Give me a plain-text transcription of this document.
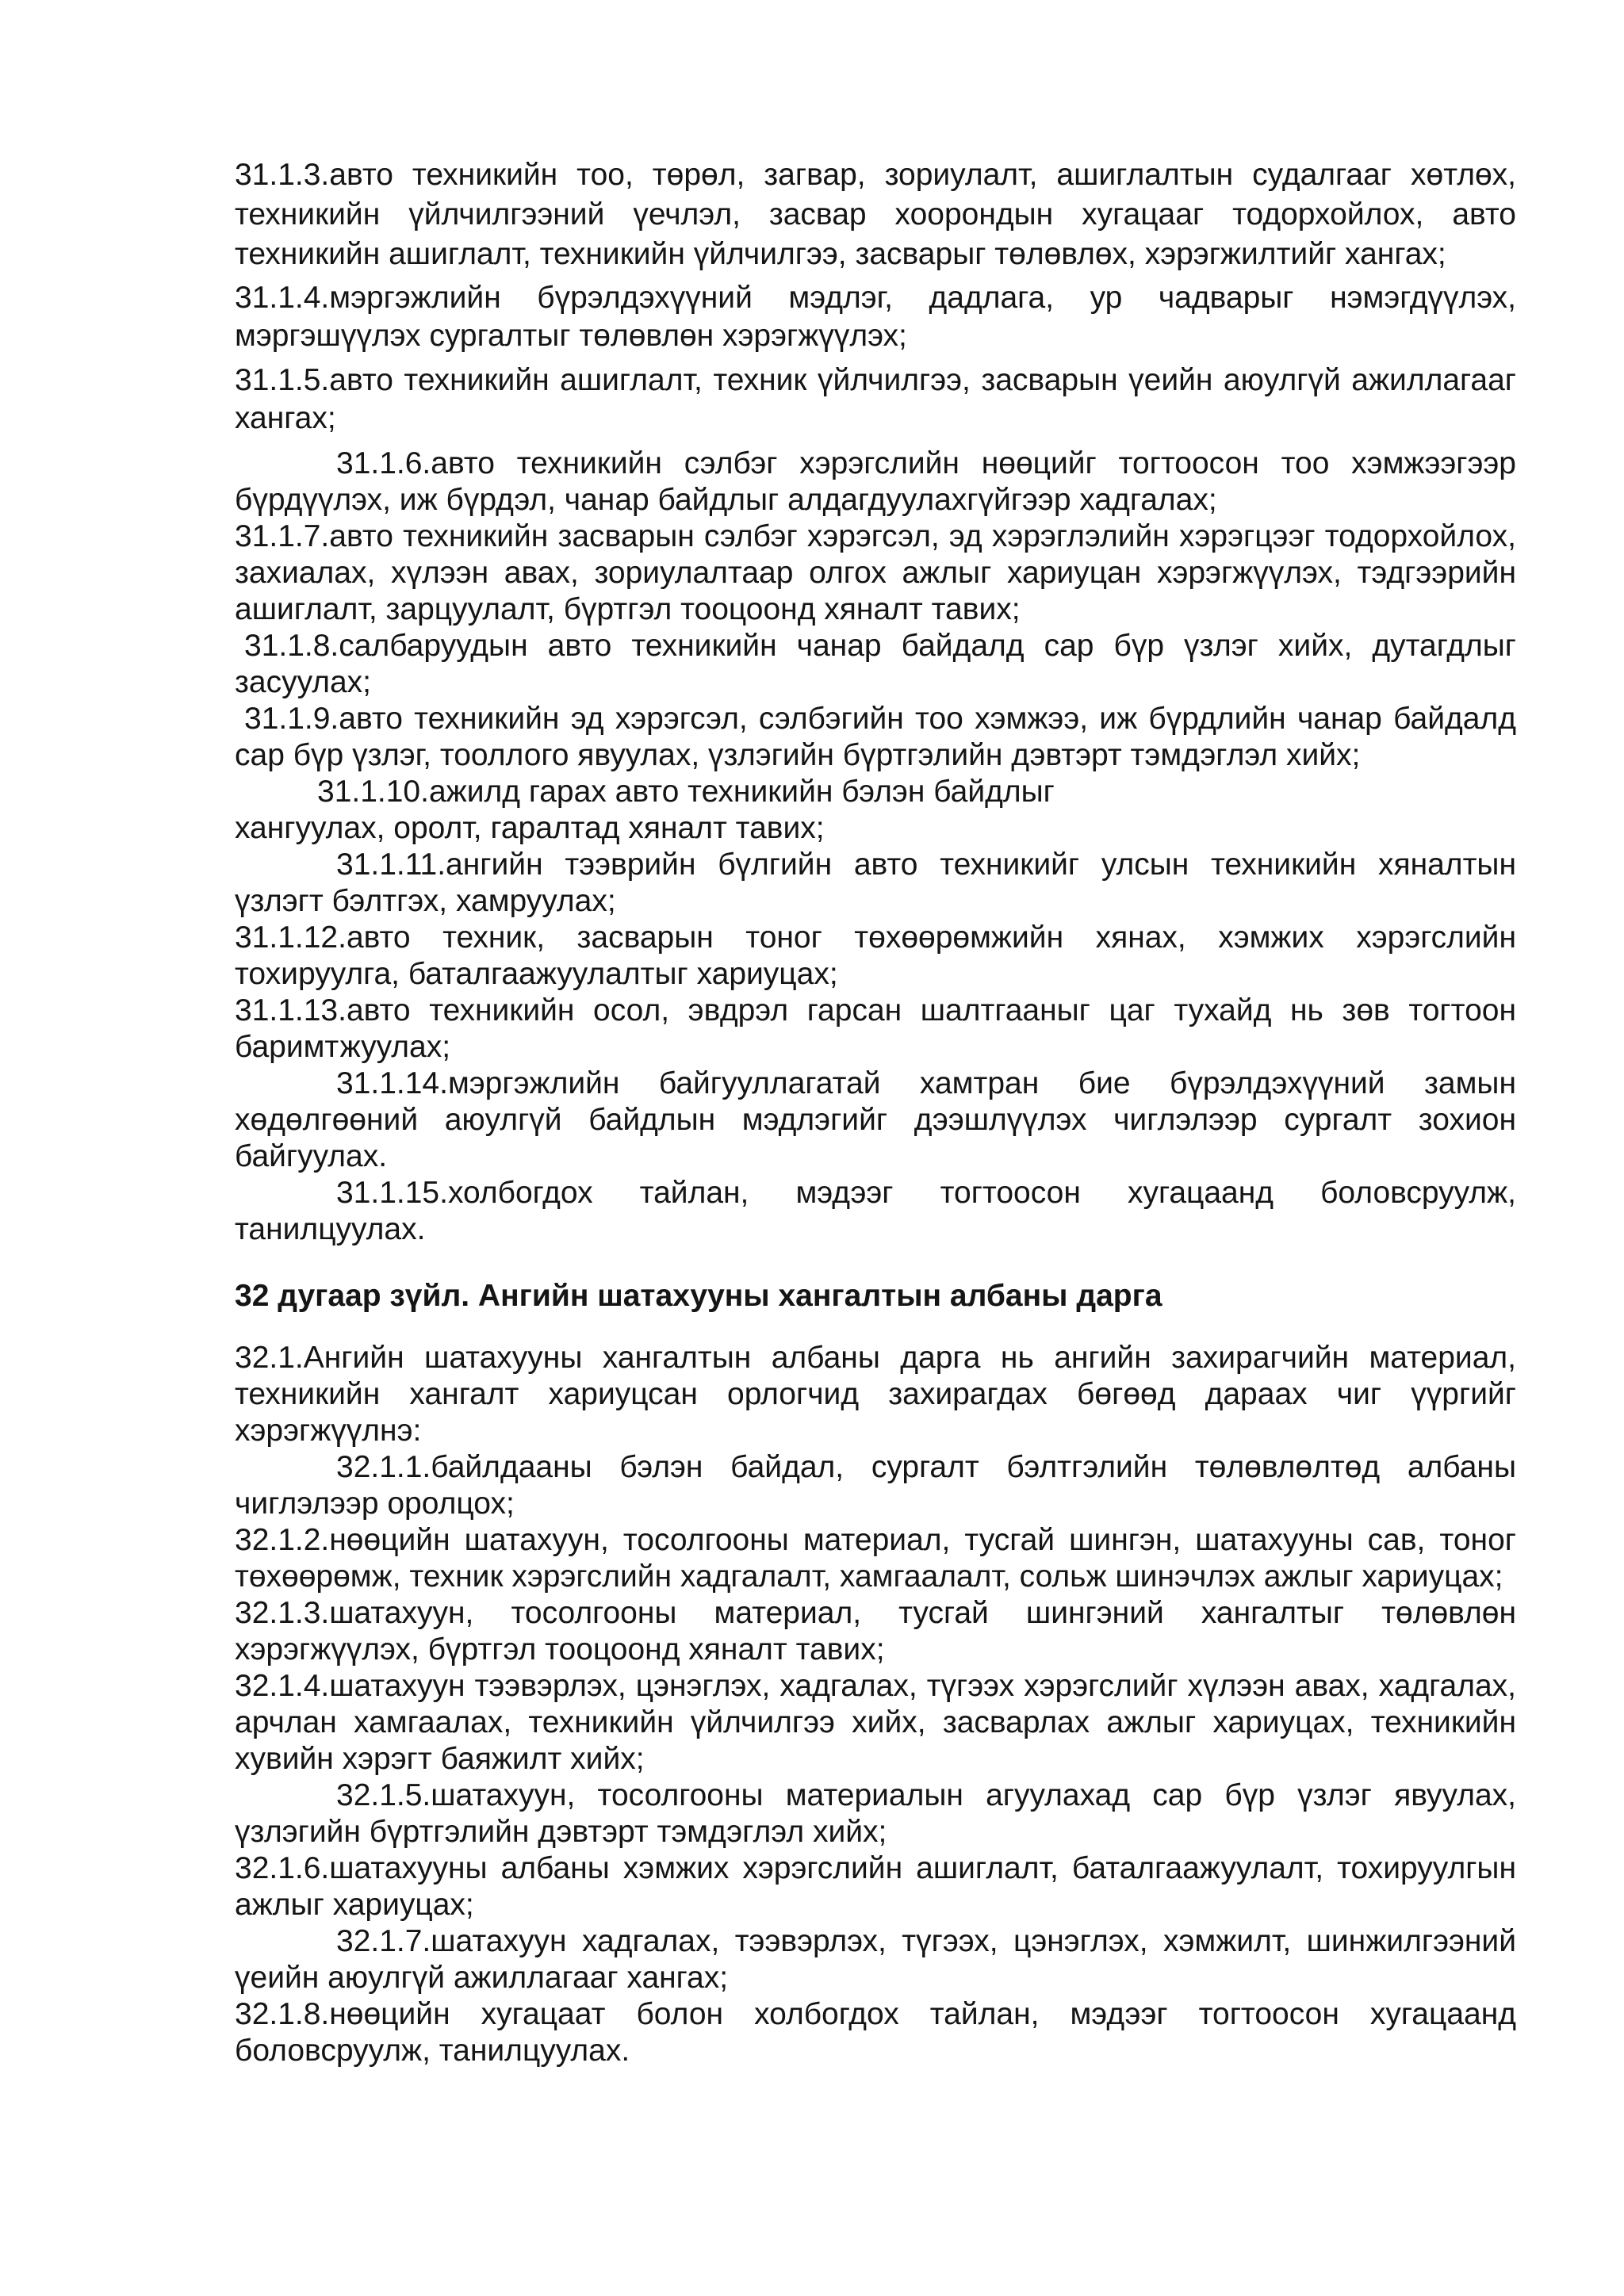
31.1.3.авто техникийн тоо, төрөл, загвар, зориулалт, ашиглалтын судалгааг хөтлөх, техникийн үйлчилгээний үечлэл, засвар хоорондын хугацааг тодорхойлох, авто техникийн ашиглалт, техникийн үйлчилгээ, засварыг төлөвлөх, хэрэгжилтийг хангах;

31.1.4.мэргэжлийн бүрэлдэхүүний мэдлэг, дадлага, ур чадварыг нэмэгдүүлэх, мэргэшүүлэх сургалтыг төлөвлөн хэрэгжүүлэх;

31.1.5.авто техникийн ашиглалт, техник үйлчилгээ, засварын үеийн аюулгүй ажиллагааг хангах;

31.1.6.авто техникийн сэлбэг хэрэгслийн нөөцийг тогтоосон тоо хэмжээгээр бүрдүүлэх, иж бүрдэл, чанар байдлыг алдагдуулахгүйгээр хадгалах;

31.1.7.авто техникийн засварын сэлбэг хэрэгсэл, эд хэрэглэлийн хэрэгцээг тодорхойлох, захиалах, хүлээн авах, зориулалтаар олгох ажлыг хариуцан хэрэгжүүлэх, тэдгээрийн ашиглалт, зарцуулалт, бүртгэл тооцоонд хяналт тавих;

31.1.8.салбаруудын авто техникийн чанар байдалд сар бүр үзлэг хийх, дутагдлыг засуулах;

31.1.9.авто техникийн эд хэрэгсэл, сэлбэгийн тоо хэмжээ, иж бүрдлийн чанар байдалд сар бүр үзлэг, тооллого явуулах, үзлэгийн бүртгэлийн дэвтэрт тэмдэглэл хийх;

31.1.10.ажилд гарах авто техникийн бэлэн байдлыг

хангуулах, оролт, гаралтад хяналт тавих;

31.1.11.ангийн тээврийн бүлгийн авто техникийг улсын техникийн хяналтын үзлэгт бэлтгэх, хамруулах;

31.1.12.авто техник, засварын тоног төхөөрөмжийн хянах, хэмжих хэрэгслийн тохируулга, баталгаажуулалтыг хариуцах;

31.1.13.авто техникийн осол, эвдрэл гарсан шалтгааныг цаг тухайд нь зөв тогтоон баримтжуулах;

31.1.14.мэргэжлийн байгууллагатай хамтран бие бүрэлдэхүүний замын хөдөлгөөний аюулгүй байдлын мэдлэгийг дээшлүүлэх чиглэлээр сургалт зохион байгуулах.

31.1.15.холбогдох тайлан, мэдээг тогтоосон хугацаанд боловсруулж, танилцуулах.

32 дугаар зүйл. Ангийн шатахууны хангалтын албаны дарга

32.1.Ангийн шатахууны хангалтын албаны дарга нь ангийн захирагчийн материал, техникийн хангалт хариуцсан орлогчид захирагдах бөгөөд дараах чиг үүргийг хэрэгжүүлнэ:

32.1.1.байлдааны бэлэн байдал, сургалт бэлтгэлийн төлөвлөлтөд албаны чиглэлээр оролцох;

32.1.2.нөөцийн шатахуун, тосолгооны материал, тусгай шингэн, шатахууны сав, тоног төхөөрөмж, техник хэрэгслийн хадгалалт, хамгаалалт, сольж шинэчлэх ажлыг хариуцах;

32.1.3.шатахуун, тосолгооны материал, тусгай шингэний хангалтыг төлөвлөн хэрэгжүүлэх, бүртгэл тооцоонд хяналт тавих;

32.1.4.шатахуун тээвэрлэх, цэнэглэх, хадгалах, түгээх хэрэгслийг хүлээн авах, хадгалах, арчлан хамгаалах, техникийн үйлчилгээ хийх, засварлах ажлыг хариуцах, техникийн хувийн хэрэгт баяжилт хийх;

32.1.5.шатахуун, тосолгооны материалын агуулахад сар бүр үзлэг явуулах, үзлэгийн бүртгэлийн дэвтэрт тэмдэглэл хийх;

32.1.6.шатахууны албаны хэмжих хэрэгслийн ашиглалт, баталгаажуулалт, тохируулгын ажлыг хариуцах;

32.1.7.шатахуун хадгалах, тээвэрлэх, түгээх, цэнэглэх, хэмжилт, шинжилгээний үеийн аюулгүй ажиллагааг хангах;

32.1.8.нөөцийн хугацаат болон холбогдох тайлан, мэдээг тогтоосон хугацаанд боловсруулж, танилцуулах.
